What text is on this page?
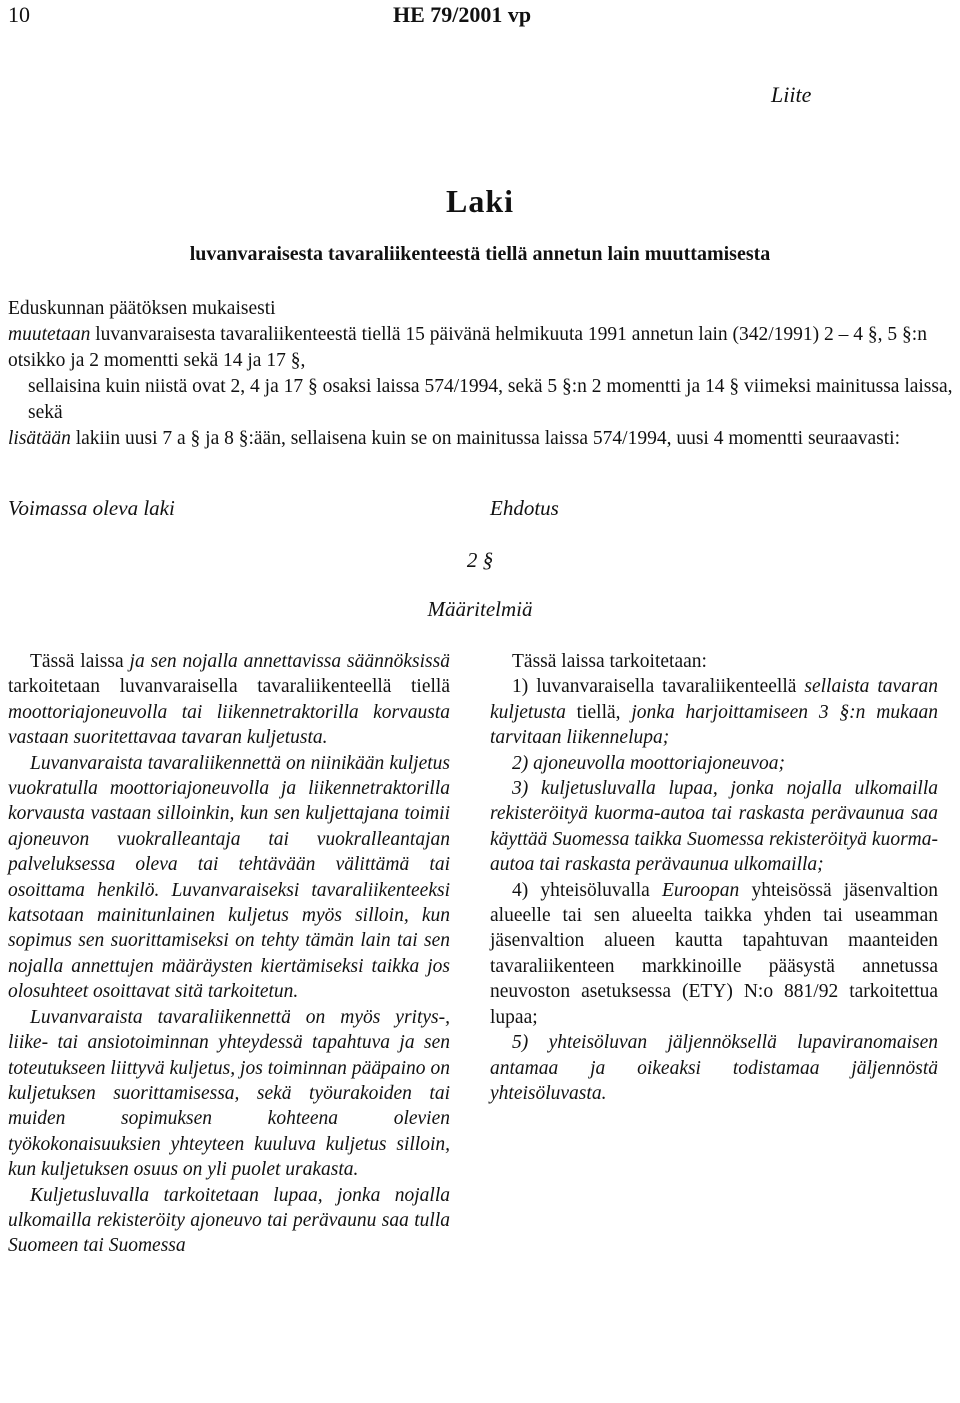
10	HE 79/2001 vp
Liite
Laki
luvanvaraisesta tavaraliikenteestä tiellä annetun lain muuttamisesta

Eduskunnan päätöksen mukaisesti

muutetaan luvanvaraisesta tavaraliikenteestä tiellä 15 päivänä helmikuuta 1991 annetun lain (342/1991) 2 – 4 §, 5 §:n otsikko ja 2 momentti sekä 14 ja 17 §,

sellaisina kuin niistä ovat 2, 4 ja 17 § osaksi laissa 574/1994, sekä 5 §:n 2 momentti ja 14 § viimeksi mainitussa laissa, sekä

lisätään lakiin uusi 7 a § ja 8 §:ään, sellaisena kuin se on mainitussa laissa 574/1994, uusi 4 momentti seuraavasti:

Voimassa oleva laki	Ehdotus
2 §
Määritelmiä

Tässä laissa ja sen nojalla annettavissa säännöksissä tarkoitetaan luvanvaraisella tavaraliikenteellä tiellä moottoriajoneuvolla tai liikennetraktorilla korvausta vastaan suoritettavaa tavaran kuljetusta.

Luvanvaraista tavaraliikennettä on niinikään kuljetus vuokratulla moottoriajoneuvolla ja liikennetraktorilla korvausta vastaan silloinkin, kun sen kuljettajana toimii ajoneuvon vuokralleantaja tai vuokralleantajan palveluksessa oleva tai tehtävään välittämä tai osoittama henkilö. Luvanvaraiseksi tavaraliikenteeksi katsotaan mainitunlainen kuljetus myös silloin, kun sopimus sen suorittamiseksi on tehty tämän lain tai sen nojalla annettujen määräysten kiertämiseksi taikka jos olosuhteet osoittavat sitä tarkoitetun.

Luvanvaraista tavaraliikennettä on myös yritys-, liike- tai ansiotoiminnan yhteydessä tapahtuva ja sen toteutukseen liittyvä kuljetus, jos toiminnan pääpaino on kuljetuksen suorittamisessa, sekä työurakoiden tai muiden sopimuksen kohteena olevien työkokonaisuuksien yhteyteen kuuluva kuljetus silloin, kun kuljetuksen osuus on yli puolet urakasta.

Kuljetusluvalla tarkoitetaan lupaa, jonka nojalla ulkomailla rekisteröity ajoneuvo tai perävaunu saa tulla Suomeen tai Suomessa

Tässä laissa tarkoitetaan:

1) luvanvaraisella tavaraliikenteellä sellaista tavaran kuljetusta tiellä, jonka harjoittamiseen 3 §:n mukaan tarvitaan liikennelupa;

2) ajoneuvolla moottoriajoneuvoa;

3) kuljetusluvalla lupaa, jonka nojalla ulkomailla rekisteröityä kuorma-autoa tai raskasta perävaunua saa käyttää Suomessa taikka Suomessa rekisteröityä kuorma-autoa tai raskasta perävaunua ulkomailla;

4) yhteisöluvalla Euroopan yhteisössä jäsenvaltion alueelle tai sen alueelta taikka yhden tai useamman jäsenvaltion alueen kautta tapahtuvan maanteiden tavaraliikenteen markkinoille pääsystä annetussa neuvoston asetuksessa (ETY) N:o 881/92 tarkoitettua lupaa;

5) yhteisöluvan jäljennöksellä lupaviranomaisen antamaa ja oikeaksi todistamaa jäljennöstä yhteisöluvasta.
